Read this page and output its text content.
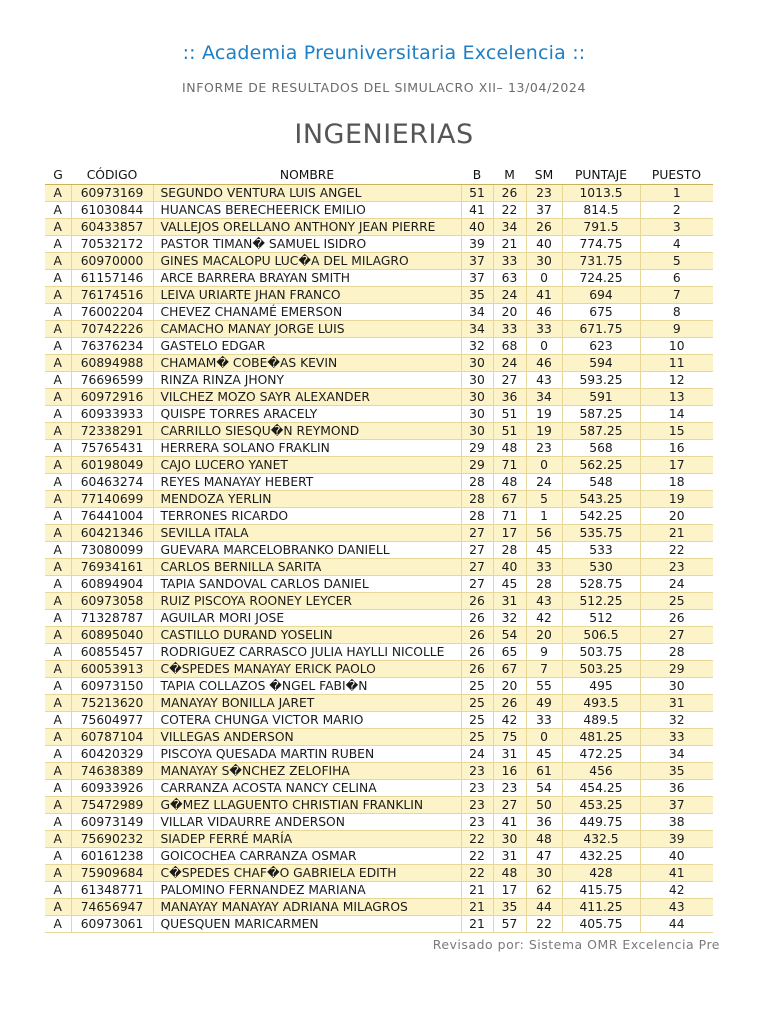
:: Academia Preuniversitaria Excelencia ::
INFORME DE RESULTADOS DEL SIMULACRO XII– 13/04/2024
INGENIERIAS
G	CÓDIGO	NOMBRE	B	M	SM	PUNTAJE	PUESTO
A	60973169	SEGUNDO VENTURA LUIS ANGEL	51	26	23	1013.5	1
A	61030844	HUANCAS BERECHEERICK EMILIO	41	22	37	814.5	2
A	60433857	VALLEJOS ORELLANO ANTHONY JEAN PIERRE	40	34	26	791.5	3
A	70532172	PASTOR TIMAN� SAMUEL ISIDRO	39	21	40	774.75	4
A	60970000	GINES MACALOPU LUC�A DEL MILAGRO	37	33	30	731.75	5
A	61157146	ARCE BARRERA BRAYAN SMITH	37	63	0	724.25	6
A	76174516	LEIVA URIARTE JHAN FRANCO	35	24	41	694	7
A	76002204	CHEVEZ CHANAMÉ EMERSON	34	20	46	675	8
A	70742226	CAMACHO MANAY JORGE LUIS	34	33	33	671.75	9
A	76376234	GASTELO EDGAR	32	68	0	623	10
A	60894988	CHAMAM� COBE�AS KEVIN	30	24	46	594	11
A	76696599	RINZA RINZA JHONY	30	27	43	593.25	12
A	60972916	VILCHEZ MOZO SAYR ALEXANDER	30	36	34	591	13
A	60933933	QUISPE TORRES ARACELY	30	51	19	587.25	14
A	72338291	CARRILLO SIESQU�N REYMOND	30	51	19	587.25	15
A	75765431	HERRERA SOLANO FRAKLIN	29	48	23	568	16
A	60198049	CAJO LUCERO YANET	29	71	0	562.25	17
A	60463274	REYES MANAYAY HEBERT	28	48	24	548	18
A	77140699	MENDOZA YERLIN	28	67	5	543.25	19
A	76441004	TERRONES RICARDO	28	71	1	542.25	20
A	60421346	SEVILLA ITALA	27	17	56	535.75	21
A	73080099	GUEVARA MARCELOBRANKO DANIELL	27	28	45	533	22
A	76934161	CARLOS BERNILLA SARITA	27	40	33	530	23
A	60894904	TAPIA SANDOVAL CARLOS DANIEL	27	45	28	528.75	24
A	60973058	RUIZ PISCOYA ROONEY LEYCER	26	31	43	512.25	25
A	71328787	AGUILAR MORI JOSE	26	32	42	512	26
A	60895040	CASTILLO DURAND YOSELIN	26	54	20	506.5	27
A	60855457	RODRIGUEZ CARRASCO JULIA HAYLLI NICOLLE	26	65	9	503.75	28
A	60053913	C�SPEDES MANAYAY ERICK PAOLO	26	67	7	503.25	29
A	60973150	TAPIA COLLAZOS �NGEL FABI�N	25	20	55	495	30
A	75213620	MANAYAY BONILLA JARET	25	26	49	493.5	31
A	75604977	COTERA CHUNGA VICTOR MARIO	25	42	33	489.5	32
A	60787104	VILLEGAS ANDERSON	25	75	0	481.25	33
A	60420329	PISCOYA QUESADA MARTIN RUBEN	24	31	45	472.25	34
A	74638389	MANAYAY S�NCHEZ ZELOFIHA	23	16	61	456	35
A	60933926	CARRANZA ACOSTA NANCY CELINA	23	23	54	454.25	36
A	75472989	G�MEZ LLAGUENTO CHRISTIAN FRANKLIN	23	27	50	453.25	37
A	60973149	VILLAR VIDAURRE ANDERSON	23	41	36	449.75	38
A	75690232	SIADEP FERRÉ MARÍA	22	30	48	432.5	39
A	60161238	GOICOCHEA CARRANZA OSMAR	22	31	47	432.25	40
A	75909684	C�SPEDES CHAF�O GABRIELA EDITH	22	48	30	428	41
A	61348771	PALOMINO FERNANDEZ MARIANA	21	17	62	415.75	42
A	74656947	MANAYAY MANAYAY ADRIANA MILAGROS	21	35	44	411.25	43
A	60973061	QUESQUEN MARICARMEN	21	57	22	405.75	44
Revisado por: Sistema OMR Excelencia Pre
